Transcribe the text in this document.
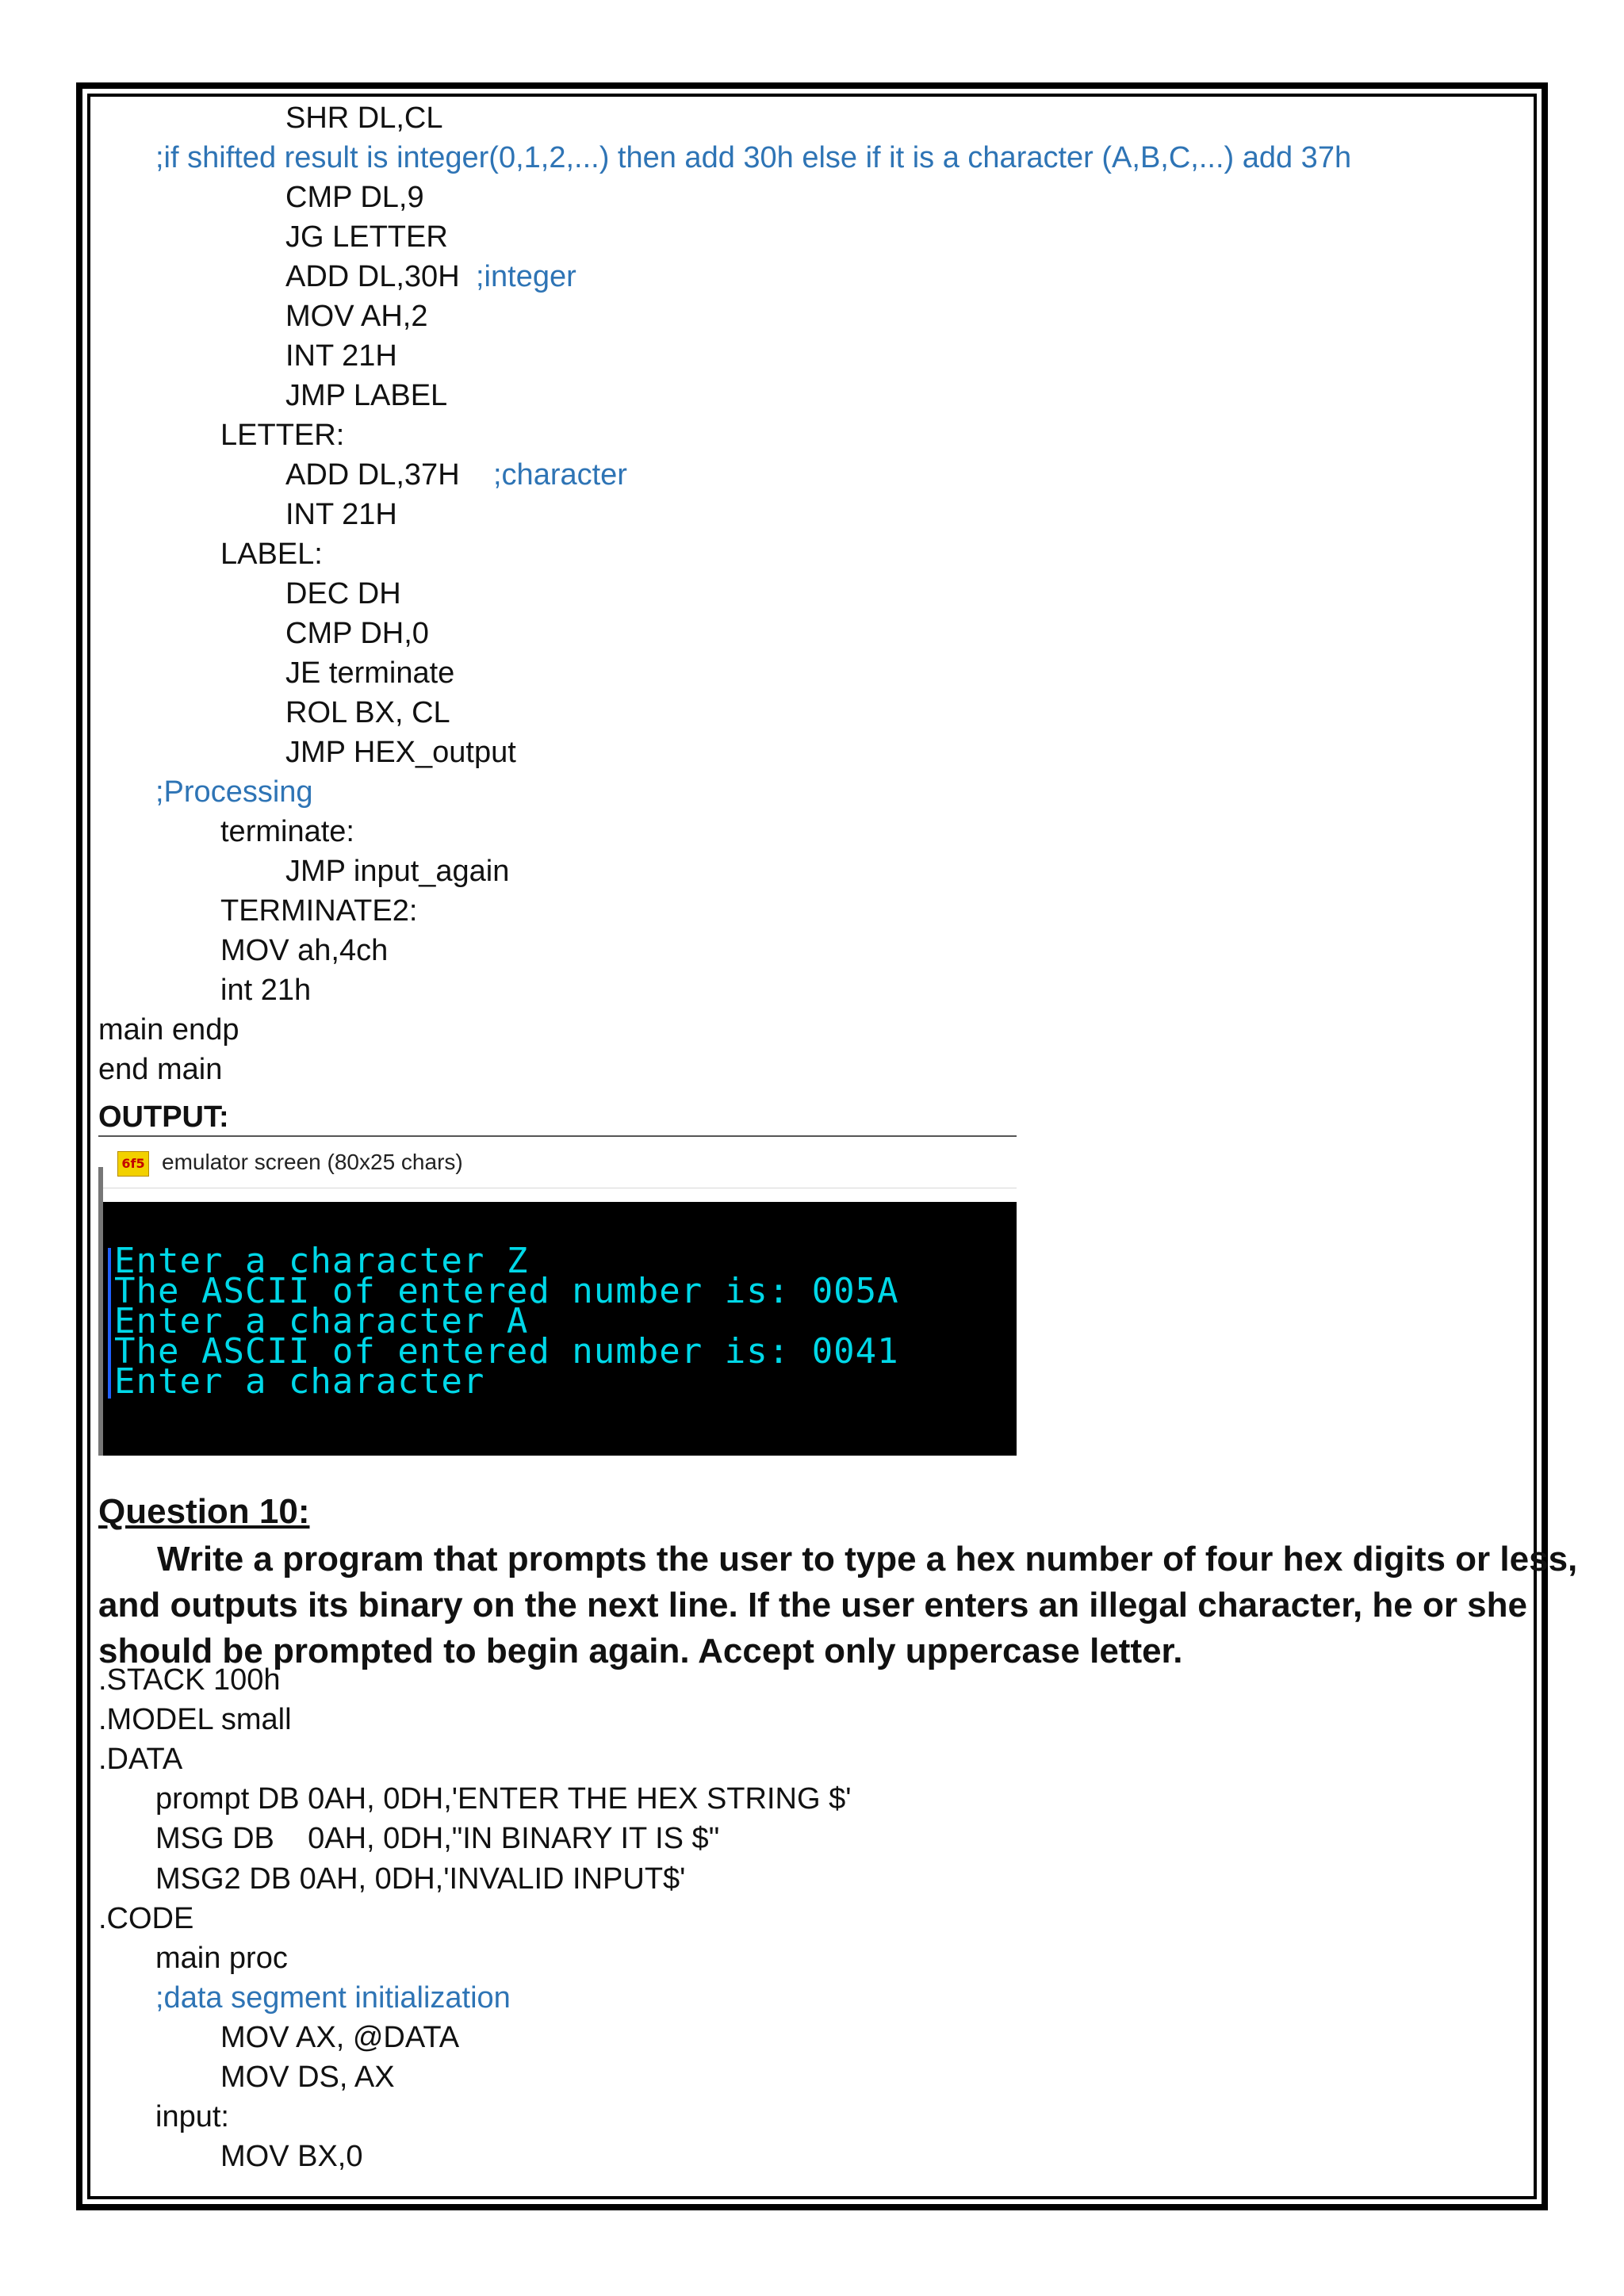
SHR DL,CL
;if shifted result is integer(0,1,2,...) then add 30h else if it is a character (A,B,C,...) add 37h
CMP DL,9
JG LETTER
ADD DL,30H ;integer
MOV AH,2
INT 21H
JMP LABEL
LETTER:
ADD DL,37H ;character
INT 21H
LABEL:
DEC DH
CMP DH,0
JE terminate
ROL BX, CL
JMP HEX_output
;Processing
terminate:
JMP input_again
TERMINATE2:
MOV ah,4ch
int 21h
main endp
end main
OUTPUT:
6f5 emulator screen (80x25 chars)
Enter a character Z
The ASCII of entered number is: 005A
Enter a character A
The ASCII of entered number is: 0041
Enter a character
Question 10:
Write a program that prompts the user to type a hex number of four hex digits or less,
and outputs its binary on the next line. If the user enters an illegal character, he or she
should be prompted to begin again. Accept only uppercase letter.
.STACK 100h
.MODEL small
.DATA
prompt DB 0AH, 0DH,'ENTER THE HEX STRING $'
MSG DB    0AH, 0DH,"IN BINARY IT IS $"
MSG2 DB 0AH, 0DH,'INVALID INPUT$'
.CODE
main proc
;data segment initialization
MOV AX, @DATA
MOV DS, AX
input:
MOV BX,0
